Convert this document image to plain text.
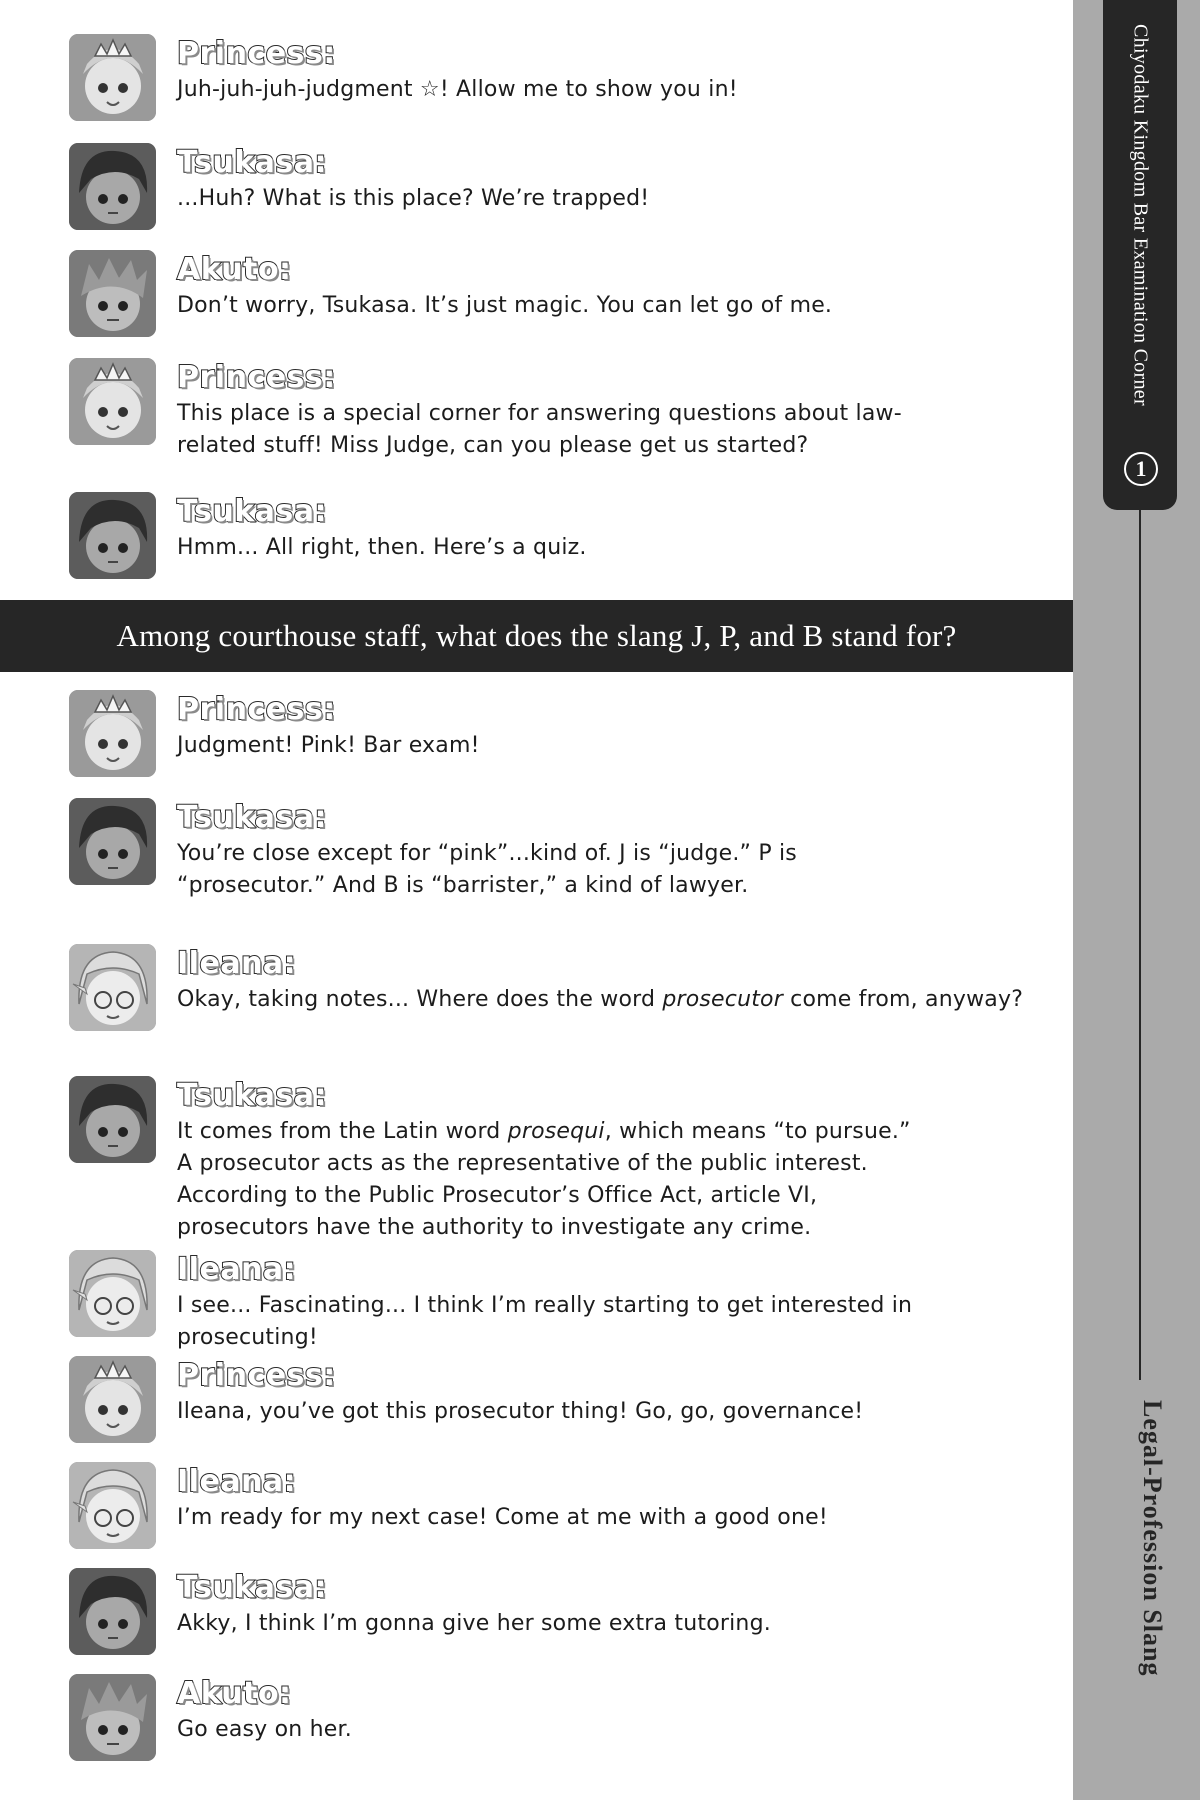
Princess:
Juh-juh-juh-judgment ☆! Allow me to show you in!
Tsukasa:
...Huh? What is this place? We’re trapped!
Akuto:
Don’t worry, Tsukasa. It’s just magic. You can let go of me.
Princess:
This place is a special corner for answering questions about law-
related stuff! Miss Judge, can you please get us started?
Tsukasa:
Hmm... All right, then. Here’s a quiz.
Among courthouse staff, what does the slang J, P, and B stand for?
Princess:
Judgment! Pink! Bar exam!
Tsukasa:
You’re close except for “pink”...kind of. J is “judge.” P is
“prosecutor.” And B is “barrister,” a kind of lawyer.
Ileana:
Okay, taking notes... Where does the word prosecutor come from, anyway?
Tsukasa:
It comes from the Latin word prosequi, which means “to pursue.”
A prosecutor acts as the representative of the public interest.
According to the Public Prosecutor’s Office Act, article VI,
prosecutors have the authority to investigate any crime.
Ileana:
I see... Fascinating... I think I’m really starting to get interested in prosecuting!
Princess:
Ileana, you’ve got this prosecutor thing! Go, go, governance!
Ileana:
I’m ready for my next case! Come at me with a good one!
Tsukasa:
Akky, I think I’m gonna give her some extra tutoring.
Akuto:
Go easy on her.
Chiyodaku Kingdom Bar Examination Corner
1
Legal-Profession Slang
